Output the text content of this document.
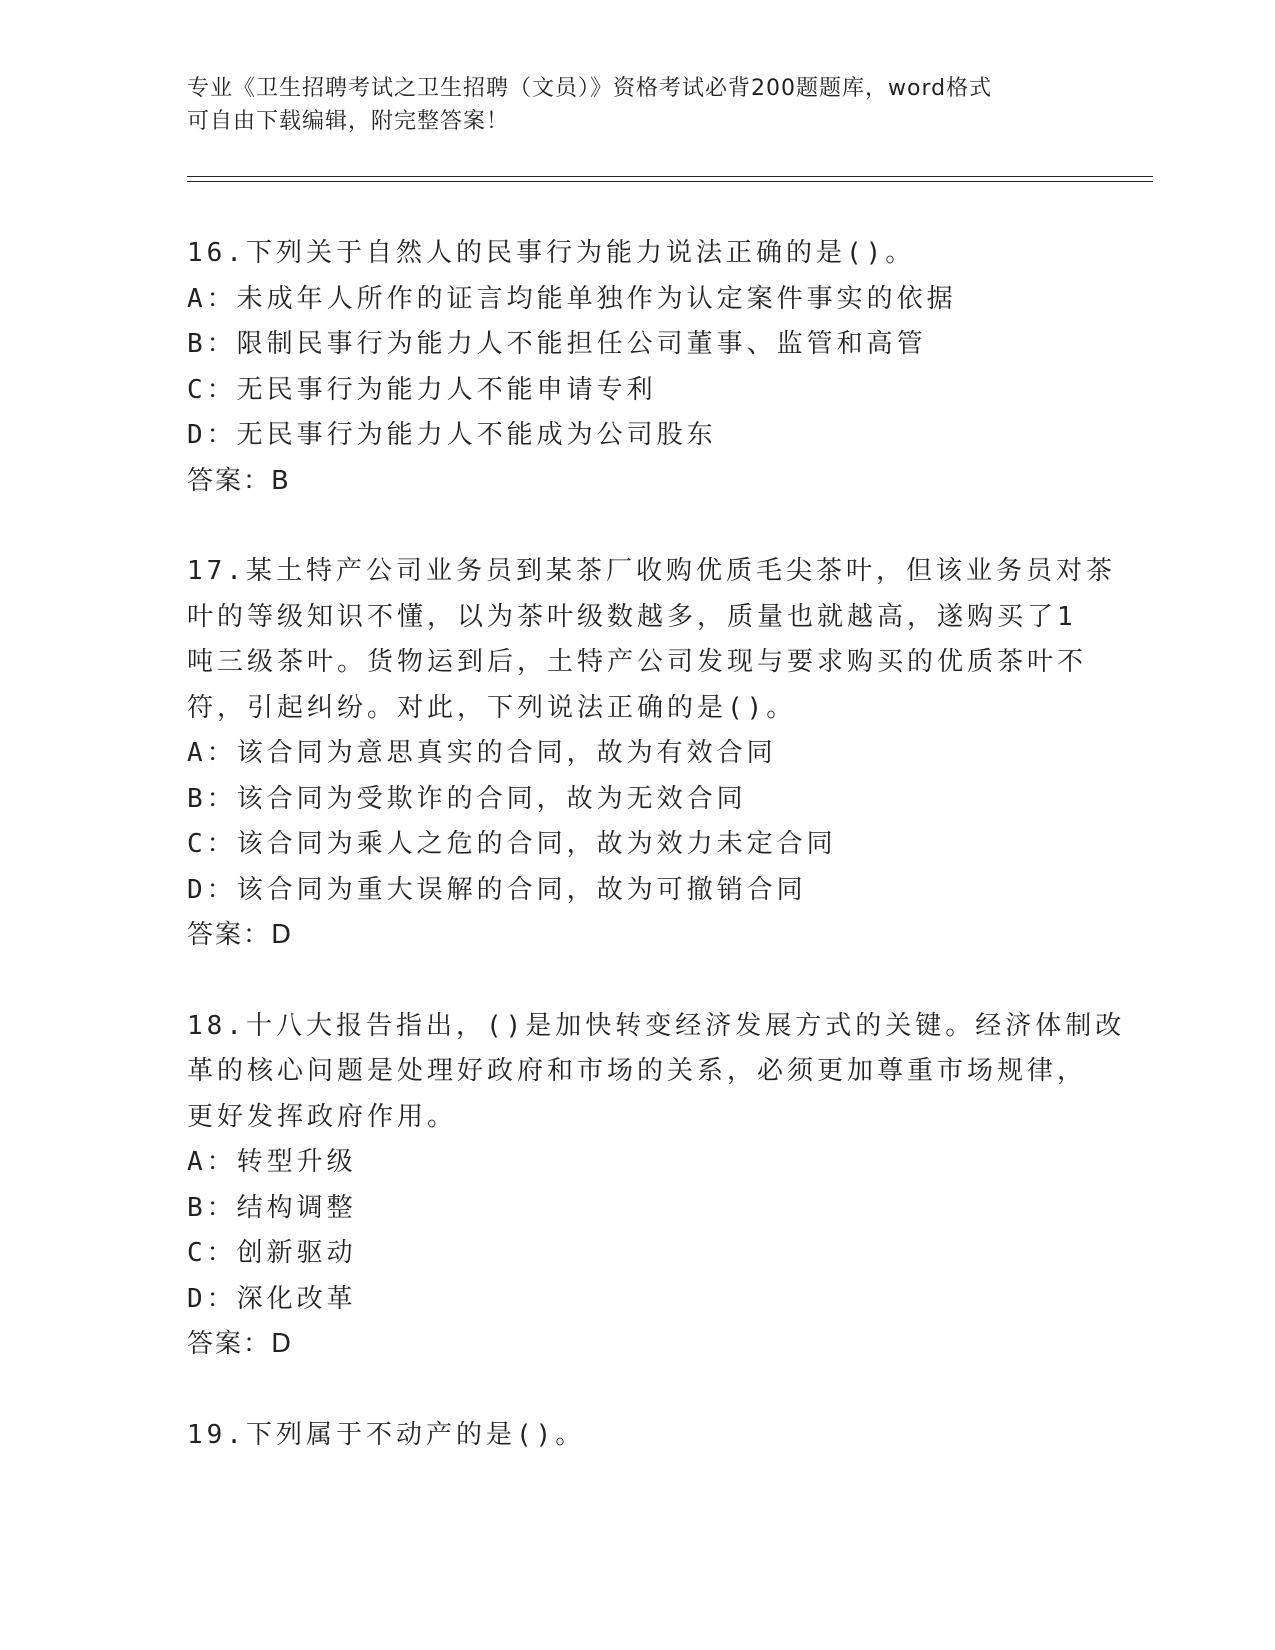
专业《卫生招聘考试之卫生招聘（文员）》资格考试必背200题题库，word格式
可自由下载编辑，附完整答案！
16.下列关于自然人的民事行为能力说法正确的是()。
A：未成年人所作的证言均能单独作为认定案件事实的依据
B：限制民事行为能力人不能担任公司董事、监管和高管
C：无民事行为能力人不能申请专利
D：无民事行为能力人不能成为公司股东
答案：B
17.某土特产公司业务员到某茶厂收购优质毛尖茶叶，但该业务员对茶
叶的等级知识不懂，以为茶叶级数越多，质量也就越高，遂购买了1
吨三级茶叶。货物运到后，土特产公司发现与要求购买的优质茶叶不
符，引起纠纷。对此，下列说法正确的是()。
A：该合同为意思真实的合同，故为有效合同
B：该合同为受欺诈的合同，故为无效合同
C：该合同为乘人之危的合同，故为效力未定合同
D：该合同为重大误解的合同，故为可撤销合同
答案：D
18.十八大报告指出，()是加快转变经济发展方式的关键。经济体制改
革的核心问题是处理好政府和市场的关系，必须更加尊重市场规律，
更好发挥政府作用。
A：转型升级
B：结构调整
C：创新驱动
D：深化改革
答案：D
19.下列属于不动产的是()。
